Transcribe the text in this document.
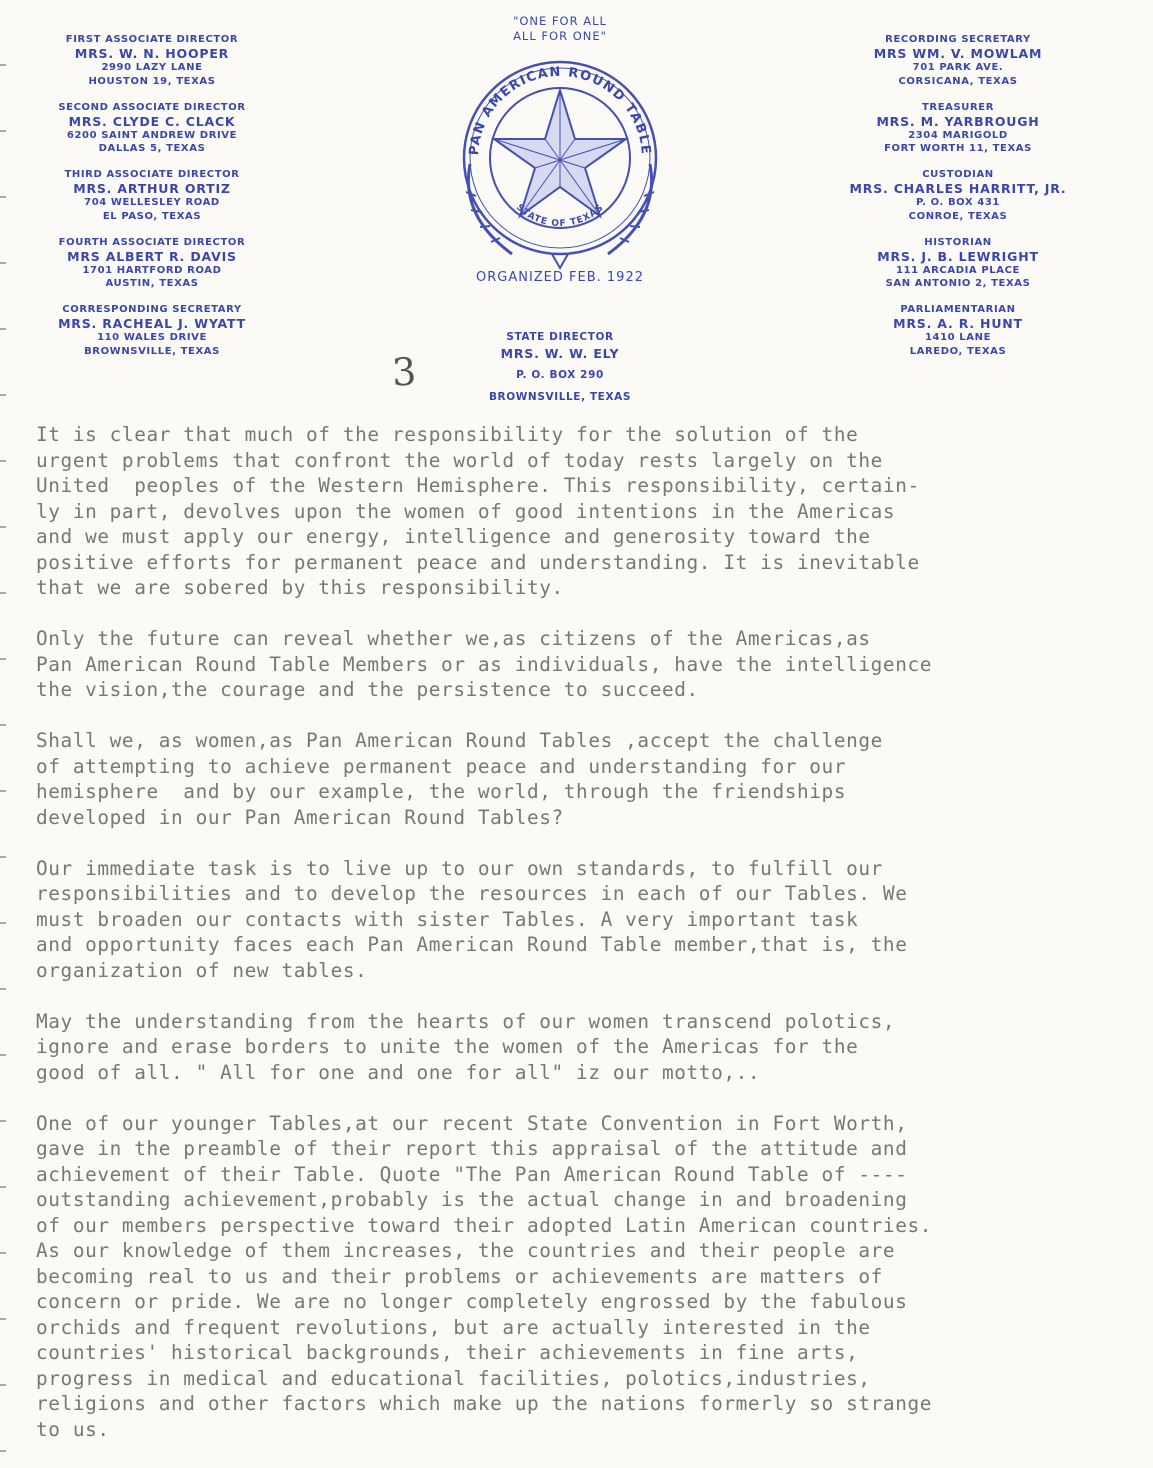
FIRST ASSOCIATE DIRECTOR
MRS. W. N. HOOPER
2990 LAZY LANE
HOUSTON 19, TEXAS
SECOND ASSOCIATE DIRECTOR
MRS. CLYDE C. CLACK
6200 SAINT ANDREW DRIVE
DALLAS 5, TEXAS
THIRD ASSOCIATE DIRECTOR
MRS. ARTHUR ORTIZ
704 WELLESLEY ROAD
EL PASO, TEXAS
FOURTH ASSOCIATE DIRECTOR
MRS ALBERT R. DAVIS
1701 HARTFORD ROAD
AUSTIN, TEXAS
CORRESPONDING SECRETARY
MRS. RACHEAL J. WYATT
110 WALES DRIVE
BROWNSVILLE, TEXAS
"ONE FOR ALL
ALL FOR ONE"
PAN AMERICAN ROUND TABLE
STATE OF TEXAS
ORGANIZED FEB. 1922
STATE DIRECTOR
MRS. W. W. ELY
P. O. BOX 290
BROWNSVILLE, TEXAS
RECORDING SECRETARY
MRS WM. V. MOWLAM
701 PARK AVE.
CORSICANA, TEXAS
TREASURER
MRS. M. YARBROUGH
2304 MARIGOLD
FORT WORTH 11, TEXAS
CUSTODIAN
MRS. CHARLES HARRITT, JR.
P. O. BOX 431
CONROE, TEXAS
HISTORIAN
MRS. J. B. LEWRIGHT
111 ARCADIA PLACE
SAN ANTONIO 2, TEXAS
PARLIAMENTARIAN
MRS. A. R. HUNT
1410 LANE
LAREDO, TEXAS
3
It is clear that much of the responsibility for the solution of the
urgent problems that confront the world of today rests largely on the
United  peoples of the Western Hemisphere. This responsibility, certain-
ly in part, devolves upon the women of good intentions in the Americas
and we must apply our energy, intelligence and generosity toward the
positive efforts for permanent peace and understanding. It is inevitable
that we are sobered by this responsibility.
Only the future can reveal whether we,as citizens of the Americas,as
Pan American Round Table Members or as individuals, have the intelligence
the vision,the courage and the persistence to succeed.
Shall we, as women,as Pan American Round Tables ,accept the challenge
of attempting to achieve permanent peace and understanding for our
hemisphere  and by our example, the world, through the friendships
developed in our Pan American Round Tables?
Our immediate task is to live up to our own standards, to fulfill our
responsibilities and to develop the resources in each of our Tables. We
must broaden our contacts with sister Tables. A very important task
and opportunity faces each Pan American Round Table member,that is, the
organization of new tables.
May the understanding from the hearts of our women transcend polotics,
ignore and erase borders to unite the women of the Americas for the
good of all. " All for one and one for all" iz our motto,..
One of our younger Tables,at our recent State Convention in Fort Worth,
gave in the preamble of their report this appraisal of the attitude and
achievement of their Table. Quote "The Pan American Round Table of ----
outstanding achievement,probably is the actual change in and broadening
of our members perspective toward their adopted Latin American countries.
As our knowledge of them increases, the countries and their people are
becoming real to us and their problems or achievements are matters of
concern or pride. We are no longer completely engrossed by the fabulous
orchids and frequent revolutions, but are actually interested in the
countries' historical backgrounds, their achievements in fine arts,
progress in medical and educational facilities, polotics,industries,
religions and other factors which make up the nations formerly so strange
to us.
